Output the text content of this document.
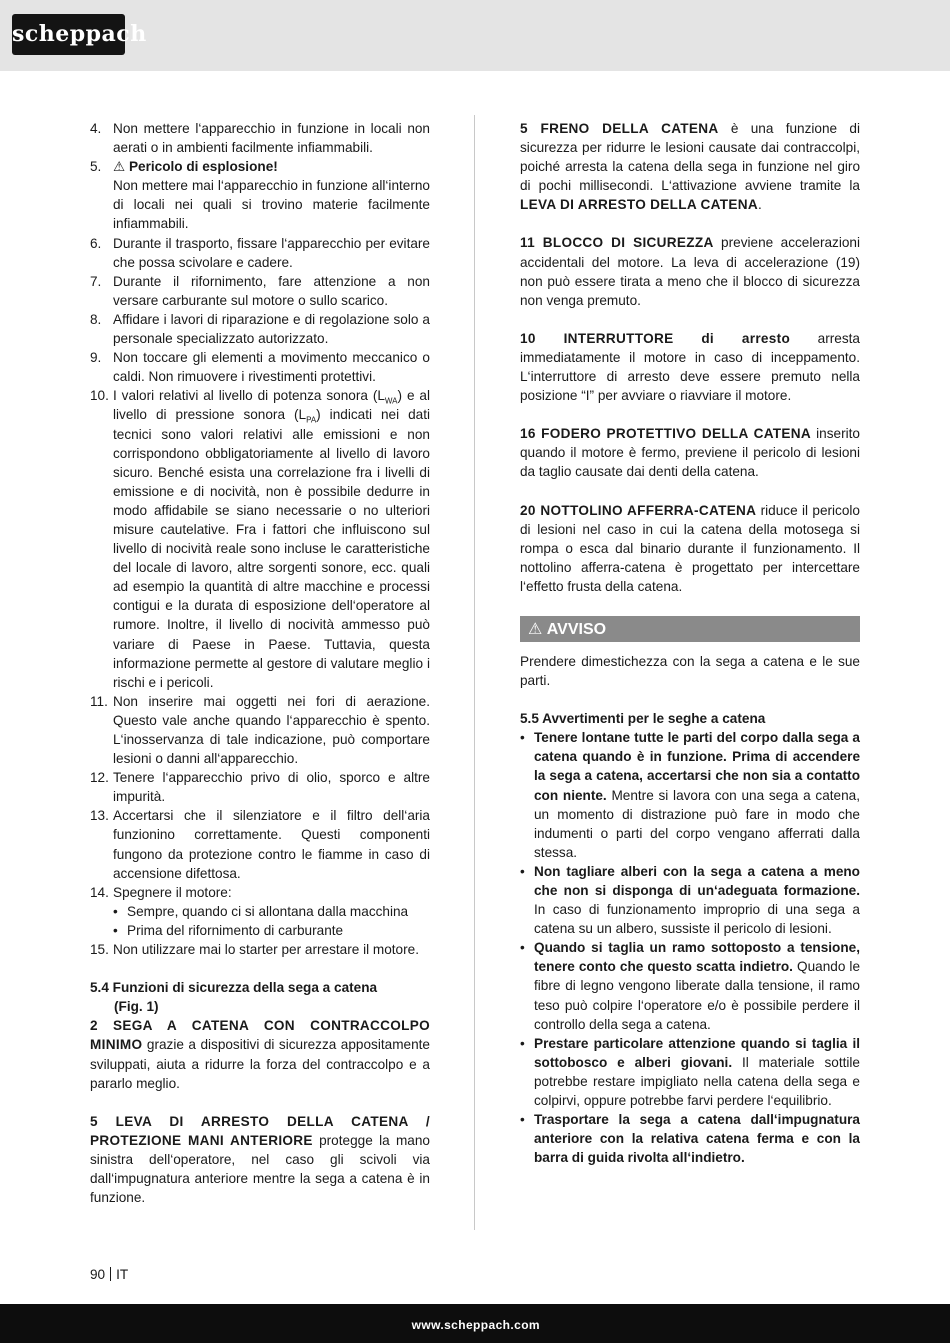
scheppach
4. Non mettere l‘apparecchio in funzione in locali non aerati o in ambienti facilmente infiammabili.
5. ⚠ Pericolo di esplosione!
Non mettere mai l‘apparecchio in funzione all‘interno di locali nei quali si trovino materie facilmente infiammabili.
6. Durante il trasporto, fissare l‘apparecchio per evitare che possa scivolare e cadere.
7. Durante il rifornimento, fare attenzione a non versare carburante sul motore o sullo scarico.
8. Affidare i lavori di riparazione e di regolazione solo a personale specializzato autorizzato.
9. Non toccare gli elementi a movimento meccanico o caldi. Non rimuovere i rivestimenti protettivi.
10. I valori relativi al livello di potenza sonora $(L_{WA})$ e al livello di pressione sonora $(L_{PA})$ indicati nei dati tecnici sono valori relativi alle emissioni e non corrispondono obbligatoriamente al livello di lavoro sicuro. Benché esista una correlazione fra i livelli di emissione e di nocività, non è possibile dedurre in modo affidabile se siano necessarie o no ulteriori misure cautelative. Fra i fattori che influiscono sul livello di nocività reale sono incluse le caratteristiche del locale di lavoro, altre sorgenti sonore, ecc. quali ad esempio la quantità di altre macchine e processi contigui e la durata di esposizione dell‘operatore al rumore. Inoltre, il livello di nocività ammesso può variare di Paese in Paese. Tuttavia, questa informazione permette al gestore di valutare meglio i rischi e i pericoli.
11. Non inserire mai oggetti nei fori di aerazione. Questo vale anche quando l‘apparecchio è spento. L‘inosservanza di tale indicazione, può comportare lesioni o danni all‘apparecchio.
12. Tenere l‘apparecchio privo di olio, sporco e altre impurità.
13. Accertarsi che il silenziatore e il filtro dell‘aria funzionino correttamente. Questi componenti fungono da protezione contro le fiamme in caso di accensione difettosa.
14. Spegnere il motore:
• Sempre, quando ci si allontana dalla macchina
• Prima del rifornimento di carburante
15. Non utilizzare mai lo starter per arrestare il motore.
5.4 Funzioni di sicurezza della sega a catena
(Fig. 1)

2 SEGA A CATENA CON CONTRACCOLPO MINIMO grazie a dispositivi di sicurezza appositamente sviluppati, aiuta a ridurre la forza del contraccolpo e a pararlo meglio.

5 LEVA DI ARRESTO DELLA CATENA / PROTEZIONE MANI ANTERIORE protegge la mano sinistra dell‘operatore, nel caso gli scivoli via dall‘impugnatura anteriore mentre la sega a catena è in funzione.

5 FRENO DELLA CATENA è una funzione di sicurezza per ridurre le lesioni causate dai contraccolpi, poiché arresta la catena della sega in funzione nel giro di pochi millisecondi. L‘attivazione avviene tramite la LEVA DI ARRESTO DELLA CATENA.

11 BLOCCO DI SICUREZZA previene accelerazioni accidentali del motore. La leva di accelerazione (19) non può essere tirata a meno che il blocco di sicurezza non venga premuto.

10 INTERRUTTORE di arresto arresta immediatamente il motore in caso di inceppamento. L‘interruttore di arresto deve essere premuto nella posizione “I” per avviare o riavviare il motore.

16 FODERO PROTETTIVO DELLA CATENA inserito quando il motore è fermo, previene il pericolo di lesioni da taglio causate dai denti della catena.

20 NOTTOLINO AFFERRA-CATENA riduce il pericolo di lesioni nel caso in cui la catena della motosega si rompa o esca dal binario durante il funzionamento. Il nottolino afferra-catena è progettato per intercettare l‘effetto frusta della catena.

⚠ AVVISO

Prendere dimestichezza con la sega a catena e le sue parti.

5.5 Avvertimenti per le seghe a catena
• Tenere lontane tutte le parti del corpo dalla sega a catena quando è in funzione. Prima di accendere la sega a catena, accertarsi che non sia a contatto con niente. Mentre si lavora con una sega a catena, un momento di distrazione può fare in modo che indumenti o parti del corpo vengano afferrati dalla stessa.
• Non tagliare alberi con la sega a catena a meno che non si disponga di un‘adeguata formazione. In caso di funzionamento improprio di una sega a catena su un albero, sussiste il pericolo di lesioni.
• Quando si taglia un ramo sottoposto a tensione, tenere conto che questo scatta indietro. Quando le fibre di legno vengono liberate dalla tensione, il ramo teso può colpire l‘operatore e/o è possibile perdere il controllo della sega a catena.
• Prestare particolare attenzione quando si taglia il sottobosco e alberi giovani. Il materiale sottile potrebbe restare impigliato nella catena della sega e colpirvi, oppure potrebbe farvi perdere l‘equilibrio.
• Trasportare la sega a catena dall‘impugnatura anteriore con la relativa catena ferma e con la barra di guida rivolta all‘indietro.
90 IT
www.scheppach.com
